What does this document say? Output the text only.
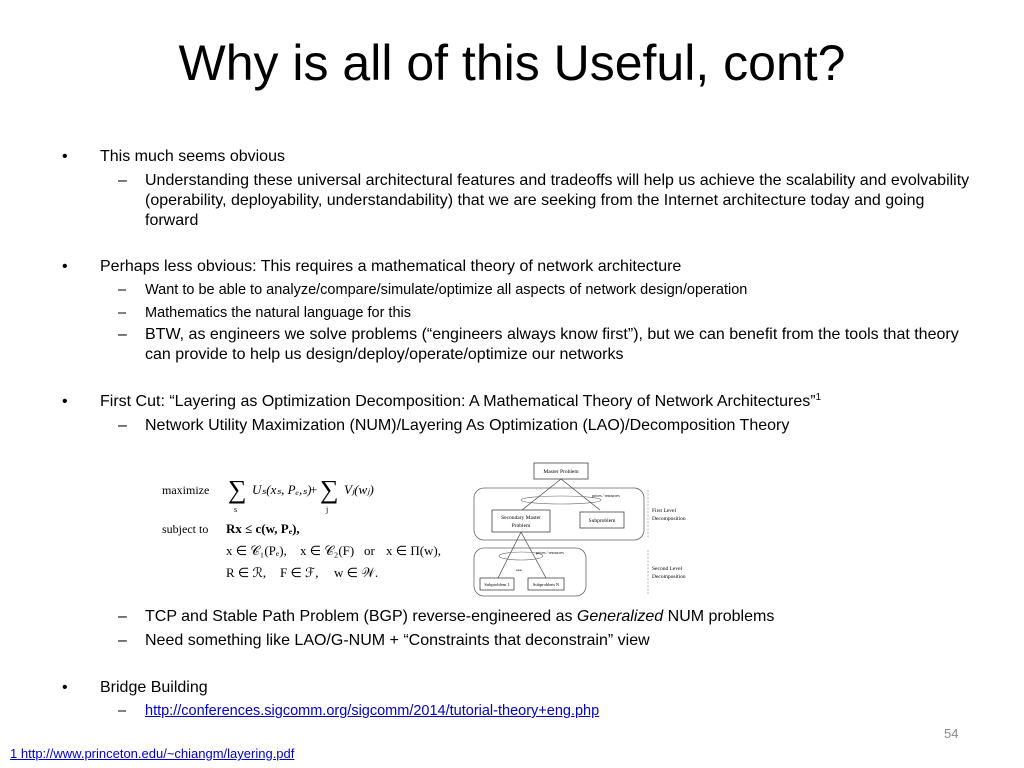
Why is all of this Useful, cont?
• This much seems obvious
– Understanding these universal architectural features and tradeoffs will help us achieve the scalability and evolvability (operability, deployability, understandability) that we are seeking from the Internet architecture today and going forward
• Perhaps less obvious: This requires a mathematical theory of network architecture
– Want to be able to analyze/compare/simulate/optimize all aspects of network design/operation
– Mathematics the natural language for this
– BTW, as engineers we solve problems (“engineers always know first”), but we can benefit from the tools that theory can provide to help us design/deploy/operate/optimize our networks
• First Cut: “Layering as Optimization Decomposition: A Mathematical Theory of Network Architectures”$^1$
– Network Utility Maximization (NUM)/Layering As Optimization (LAO)/Decomposition Theory
maximize ∑
s
Uₛ(xₛ, Pₑ,ₛ)
+ ∑
j
Vⱼ(wⱼ)
subject to Rx ≤ c(w, Pₑ),
x ∈ 𝒞₁(Pₑ), x ∈ 𝒞₂(F) or x ∈ Π(w),
R ∈ ℛ, F ∈ ℱ, w ∈ 𝒲.
Master Problem
prices / resources
Secondary Master
Problem
Subproblem
prices / resources
•••
Subproblem 1	Subproblem N
First Level
Decomposition
Second Level
Decomposition
– TCP and Stable Path Problem (BGP) reverse-engineered as Generalized NUM problems
– Need something like LAO/G-NUM + “Constraints that deconstrain” view
• Bridge Building
– http://conferences.sigcomm.org/sigcomm/2014/tutorial-theory+eng.php
54
1 http://www.princeton.edu/~chiangm/layering.pdf
